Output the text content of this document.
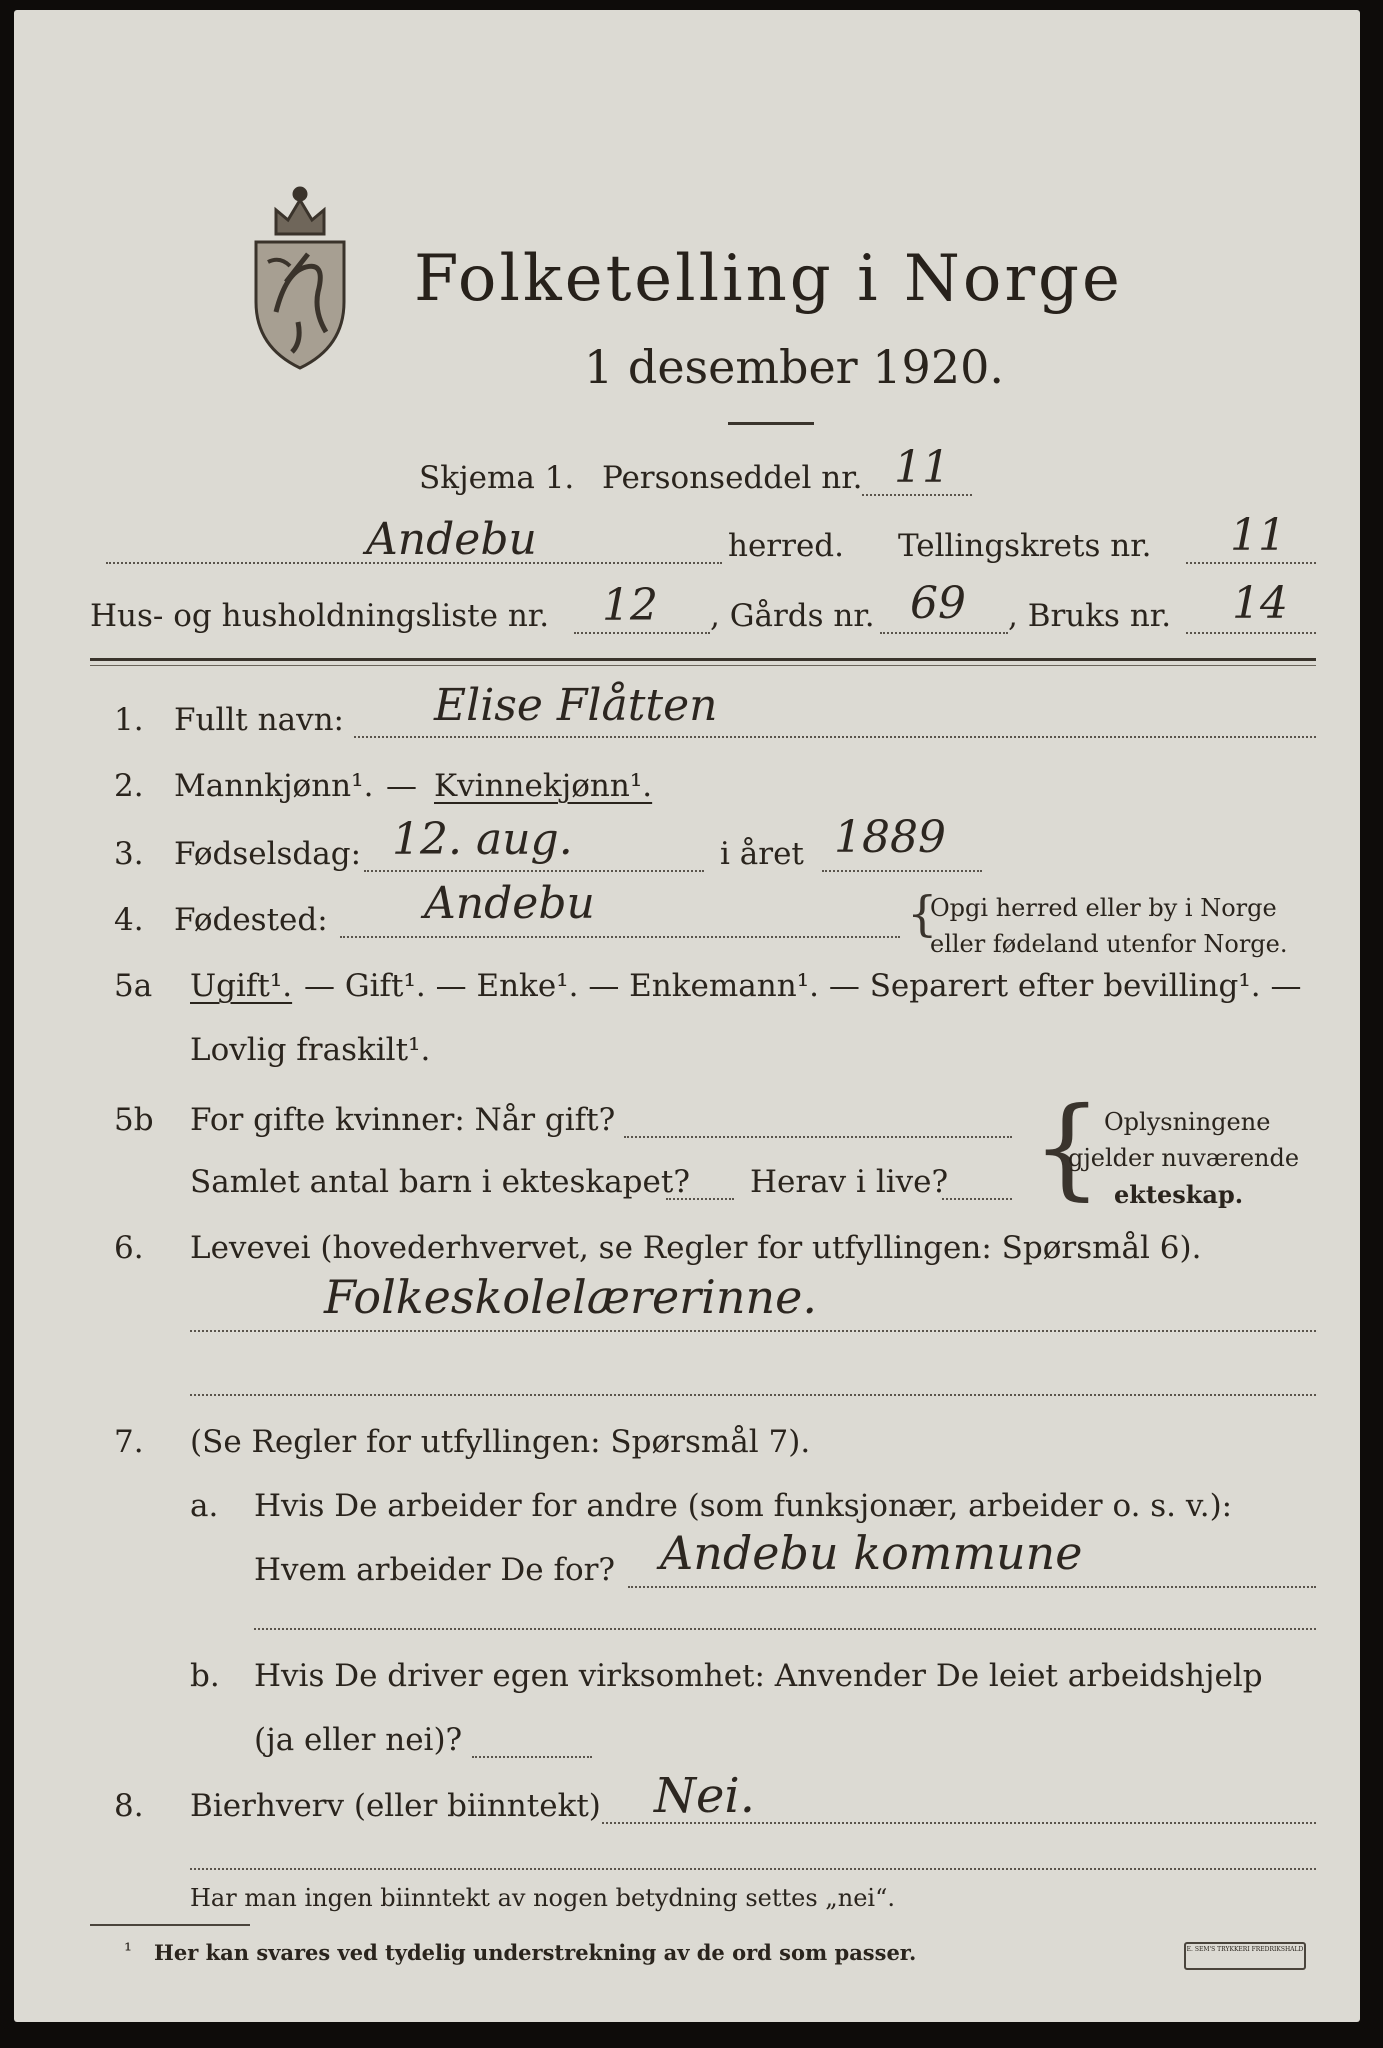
Folketelling i Norge
1 desember 1920.
Skjema 1. Personseddel nr. 11
Andebu	herred. Tellingskrets nr. 11
Hus- og husholdningsliste nr. 12 , Gårds nr. 69 , Bruks nr. 14
1. Fullt navn: Elise Flåtten
2. Mannkjønn¹. — Kvinnekjønn¹.
3. Fødselsdag: 12. aug.	i året 1889
4. Fødested: Andebu	{
Opgi herred eller by i Norge
eller fødeland utenfor Norge.
5a Ugift¹. — Gift¹. — Enke¹. — Enkemann¹. — Separert efter bevilling¹. —
Lovlig fraskilt¹.
5b For gifte kvinner: Når gift?
Samlet antal barn i ekteskapet? Herav i live? { Oplysningene
gjelder nuværende
ekteskap.
6. Levevei (hovederhvervet, se Regler for utfyllingen: Spørsmål 6).
Folkeskolelærerinne.
7. (Se Regler for utfyllingen: Spørsmål 7).
a. Hvis De arbeider for andre (som funksjonær, arbeider o. s. v.):
Hvem arbeider De for? Andebu kommune
b. Hvis De driver egen virksomhet: Anvender De leiet arbeidshjelp
(ja eller nei)?
8. Bierhverv (eller biinntekt) Nei.
Har man ingen biinntekt av nogen betydning settes „nei“.
¹ Her kan svares ved tydelig understrekning av de ord som passer.	E. SEM'S TRYKKERI FREDRIKSHALD
